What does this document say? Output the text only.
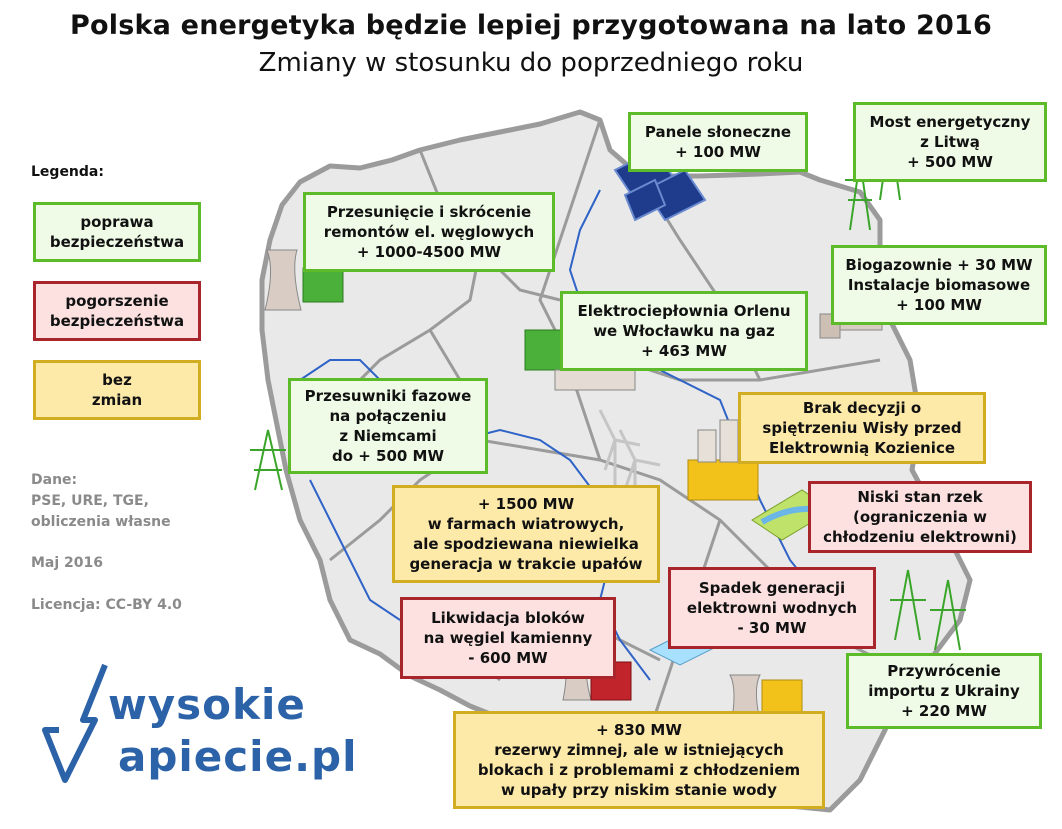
Polska energetyka będzie lepiej przygotowana na lato 2016
Zmiany w stosunku do poprzedniego roku
Legenda:
poprawa
bezpieczeństwa
pogorszenie
bezpieczeństwa
bez
zmian
Dane:
PSE, URE, TGE,
obliczenia własne
Maj 2016
Licencja: CC-BY 4.0
wysokie
apiecie.pl
Panele słoneczne
+ 100 MW
Most energetyczny
z Litwą
+ 500 MW
Przesunięcie i skrócenie
remontów el. węglowych
+ 1000-4500 MW
Biogazownie + 30 MW
Instalacje biomasowe
+ 100 MW
Elektrociepłownia Orlenu
we Włocławku na gaz
+ 463 MW
Przesuwniki fazowe
na połączeniu
z Niemcami
do + 500 MW
Brak decyzji o
spiętrzeniu Wisły przed
Elektrownią Kozienice
+ 1500 MW
w farmach wiatrowych,
ale spodziewana niewielka
generacja w trakcie upałów
Niski stan rzek
(ograniczenia w
chłodzeniu elektrowni)
Spadek generacji
elektrowni wodnych
- 30 MW
Likwidacja bloków
na węgiel kamienny
- 600 MW
Przywrócenie
importu z Ukrainy
+ 220 MW
+ 830 MW
rezerwy zimnej, ale w istniejących
blokach i z problemami z chłodzeniem
w upały przy niskim stanie wody
